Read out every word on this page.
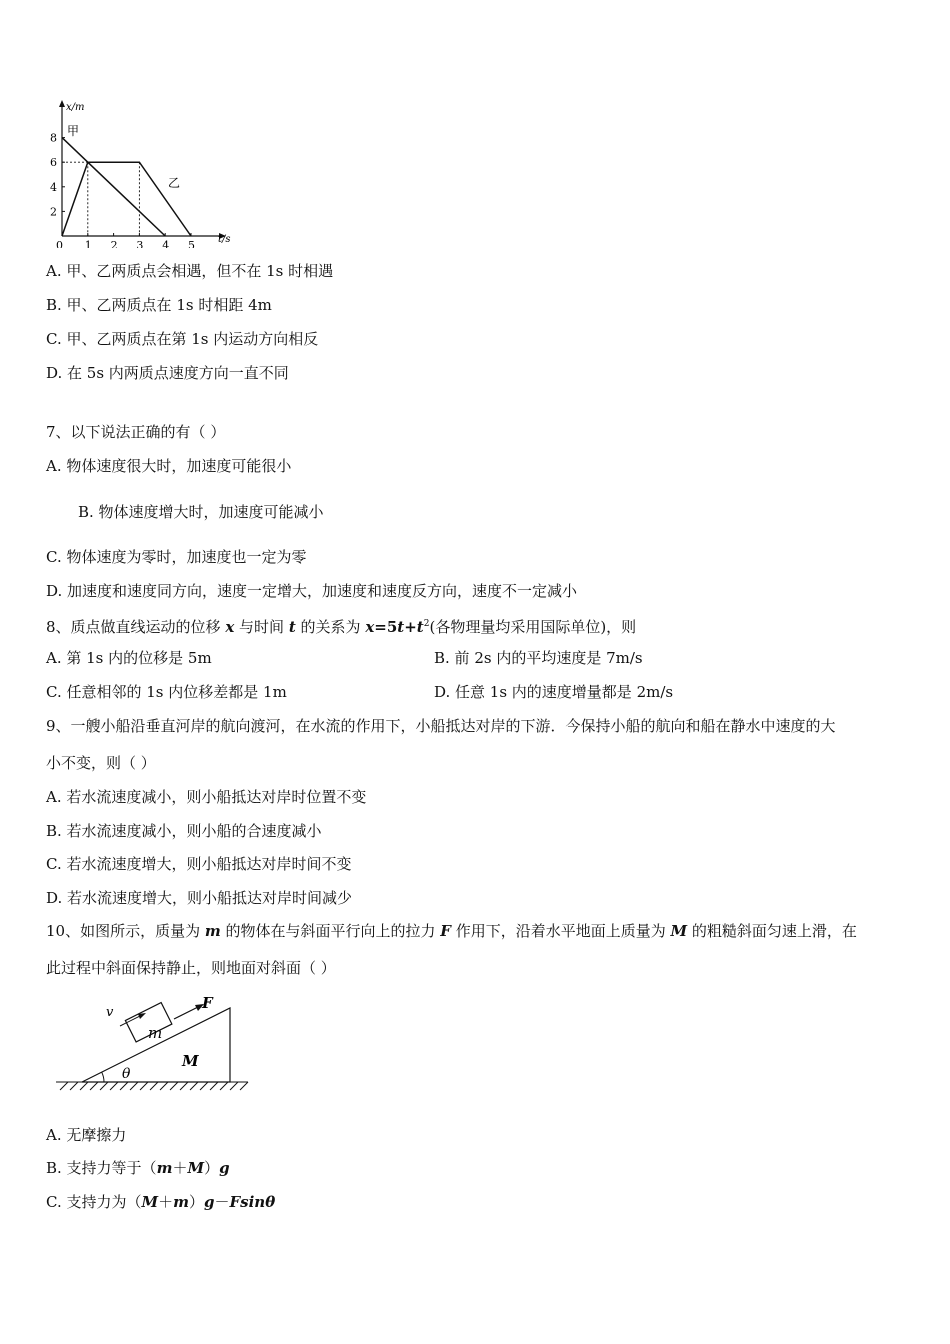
8
6
4
2
0 1 2 3 4 5
x/m
t/s
甲
乙
A. 甲、乙两质点会相遇，但不在 1s 时相遇
B. 甲、乙两质点在 1s 时相距 4m
C. 甲、乙两质点在第 1s 内运动方向相反
D. 在 5s 内两质点速度方向一直不同
7、以下说法正确的有（ ）
A. 物体速度很大时，加速度可能很小
B. 物体速度增大时，加速度可能减小
C. 物体速度为零时，加速度也一定为零
D. 加速度和速度同方向，速度一定增大，加速度和速度反方向，速度不一定减小
8、质点做直线运动的位移 x 与时间 t 的关系为 $x=5t+t^2$(各物理量均采用国际单位)，则
A. 第 1s 内的位移是 5m	B. 前 2s 内的平均速度是 7m/s
C. 任意相邻的 1s 内位移差都是 1m	D. 任意 1s 内的速度增量都是 2m/s
9、一艘小船沿垂直河岸的航向渡河，在水流的作用下，小船抵达对岸的下游．今保持小船的航向和船在静水中速度的大
小不变，则（ ）
A. 若水流速度减小，则小船抵达对岸时位置不变
B. 若水流速度减小，则小船的合速度减小
C. 若水流速度增大，则小船抵达对岸时间不变
D. 若水流速度增大，则小船抵达对岸时间减少
10、如图所示，质量为 m 的物体在与斜面平行向上的拉力 F 作用下，沿着水平地面上质量为 M 的粗糙斜面匀速上滑，在
此过程中斜面保持静止，则地面对斜面（ ）
v
F
m
M
θ
A. 无摩擦力
B. 支持力等于（m＋M）g
C. 支持力为（M＋m）g－Fsinθ
